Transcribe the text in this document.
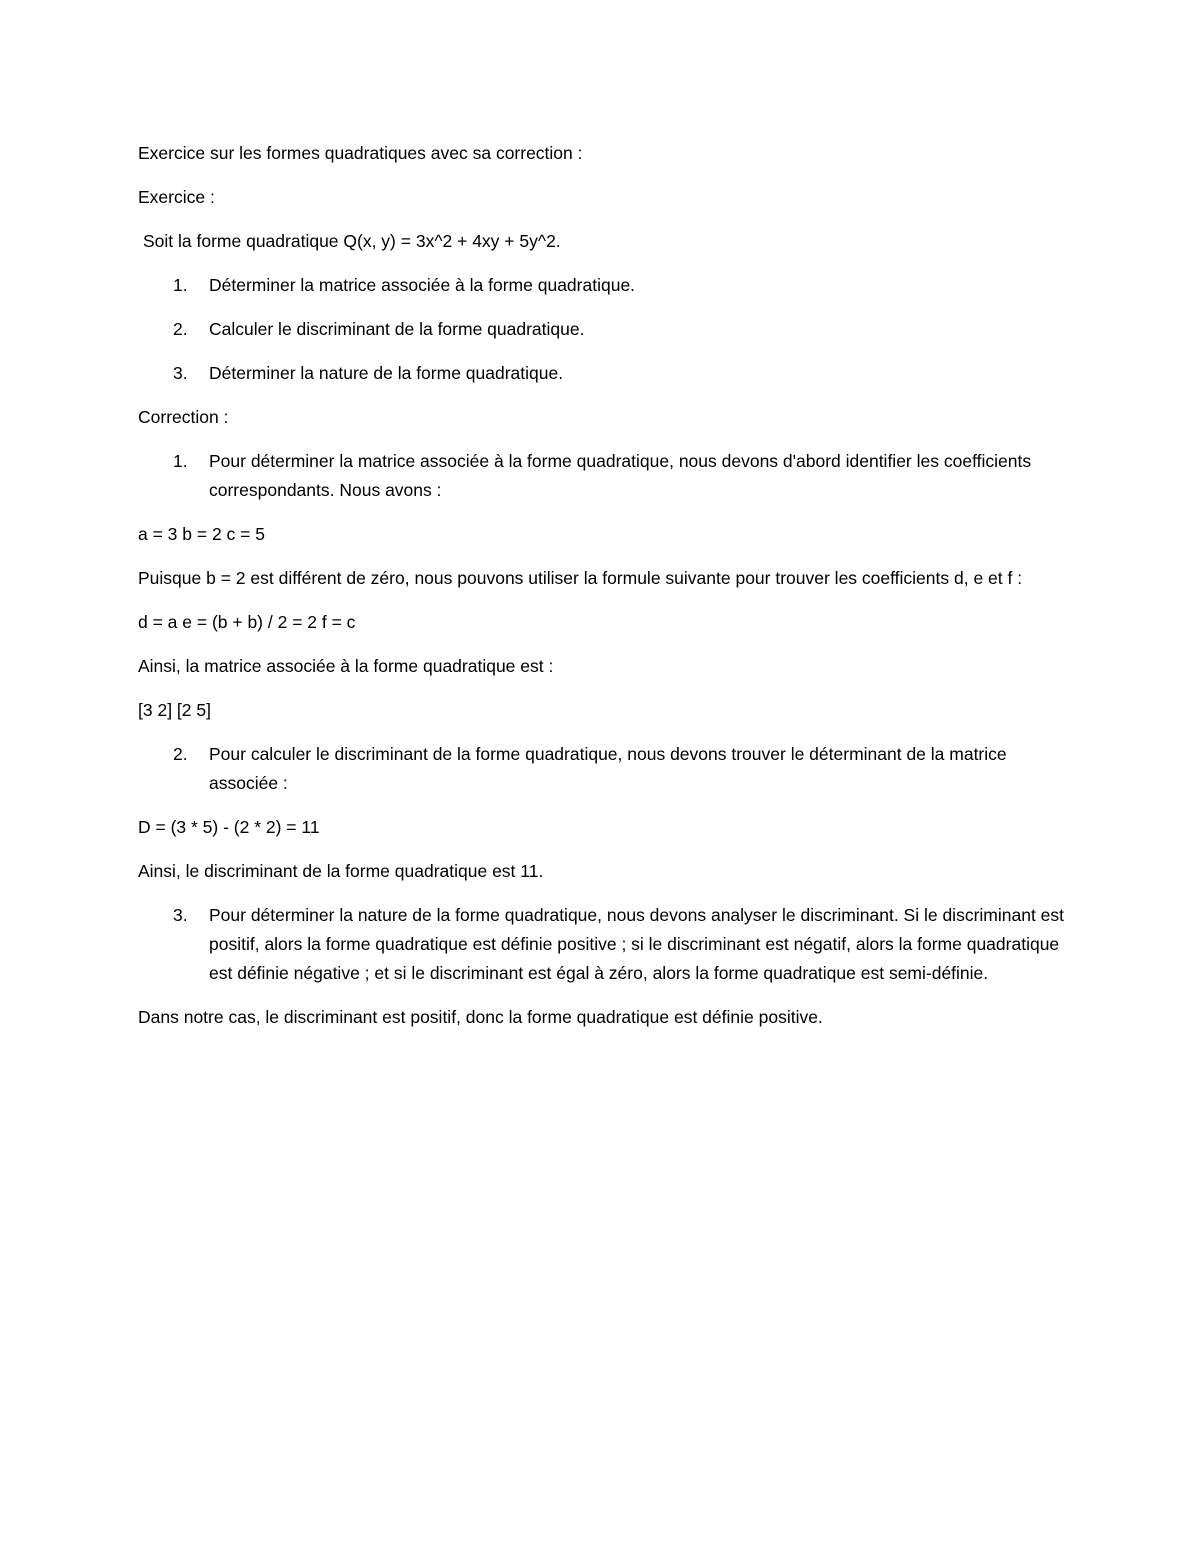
Exercice sur les formes quadratiques avec sa correction :

Exercice :

Soit la forme quadratique Q(x, y) = 3x^2 + 4xy + 5y^2.

1.	Déterminer la matrice associée à la forme quadratique.
2.	Calculer le discriminant de la forme quadratique.
3.	Déterminer la nature de la forme quadratique.

Correction :

1.	Pour déterminer la matrice associée à la forme quadratique, nous devons d'abord identifier les coefficients correspondants. Nous avons :

a = 3 b = 2 c = 5

Puisque b = 2 est différent de zéro, nous pouvons utiliser la formule suivante pour trouver les coefficients d, e et f :

d = a e = (b + b) / 2 = 2 f = c

Ainsi, la matrice associée à la forme quadratique est :

[3 2] [2 5]

2.	Pour calculer le discriminant de la forme quadratique, nous devons trouver le déterminant de la matrice associée :

D = (3 * 5) - (2 * 2) = 11

Ainsi, le discriminant de la forme quadratique est 11.

3.	Pour déterminer la nature de la forme quadratique, nous devons analyser le discriminant. Si le discriminant est positif, alors la forme quadratique est définie positive ; si le discriminant est négatif, alors la forme quadratique est définie négative ; et si le discriminant est égal à zéro, alors la forme quadratique est semi-définie.

Dans notre cas, le discriminant est positif, donc la forme quadratique est définie positive.
